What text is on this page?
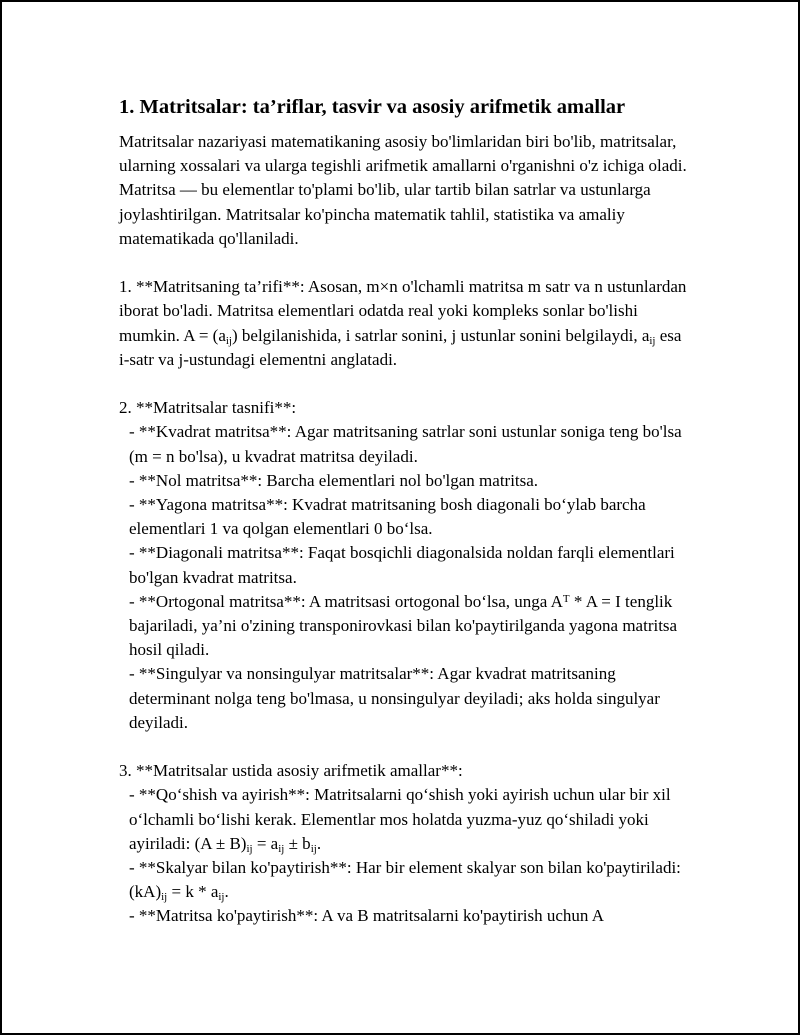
1. Matritsalar: ta’riflar, tasvir va asosiy arifmetik amallar

Matritsalar nazariyasi matematikaning asosiy bo'limlaridan biri bo'lib, matritsalar, ularning xossalari va ularga tegishli arifmetik amallarni o'rganishni o'z ichiga oladi. Matritsa — bu elementlar to'plami bo'lib, ular tartib bilan satrlar va ustunlarga joylashtirilgan. Matritsalar ko'pincha matematik tahlil, statistika va amaliy matematikada qo'llaniladi.

1. **Matritsaning ta’rifi**: Asosan, m×n o'lchamli matritsa m satr va n ustunlardan iborat bo'ladi. Matritsa elementlari odatda real yoki kompleks sonlar bo'lishi mumkin. $A = (a_{ij})$ belgilanishida, i satrlar sonini, j ustunlar sonini belgilaydi, $a_{ij}$ esa i-satr va j-ustundagi elementni anglatadi.

2. **Matritsalar tasnifi**:

- **Kvadrat matritsa**: Agar matritsaning satrlar soni ustunlar soniga teng bo'lsa (m = n bo'lsa), u kvadrat matritsa deyiladi.

- **Nol matritsa**: Barcha elementlari nol bo'lgan matritsa.

- **Yagona matritsa**: Kvadrat matritsaning bosh diagonali bo‘ylab barcha elementlari 1 va qolgan elementlari 0 bo‘lsa.

- **Diagonali matritsa**: Faqat bosqichli diagonalsida noldan farqli elementlari bo'lgan kvadrat matritsa.

- **Ortogonal matritsa**: A matritsasi ortogonal bo‘lsa, unga $A^T * A = I$ tenglik bajariladi, ya’ni o'zining transponirovkasi bilan ko'paytirilganda yagona matritsa hosil qiladi.

- **Singulyar va nonsingulyar matritsalar**: Agar kvadrat matritsaning determinant nolga teng bo'lmasa, u nonsingulyar deyiladi; aks holda singulyar deyiladi.

3. **Matritsalar ustida asosiy arifmetik amallar**:

- **Qo‘shish va ayirish**: Matritsalarni qo‘shish yoki ayirish uchun ular bir xil o‘lchamli bo‘lishi kerak. Elementlar mos holatda yuzma-yuz qo‘shiladi yoki ayiriladi: $(A \pm B)_{ij} = a_{ij} \pm b_{ij}$.

- **Skalyar bilan ko'paytirish**: Har bir element skalyar son bilan ko'paytiriladi: $(kA)_{ij} = k * a_{ij}$.

- **Matritsa ko'paytirish**: A va B matritsalarni ko'paytirish uchun A
